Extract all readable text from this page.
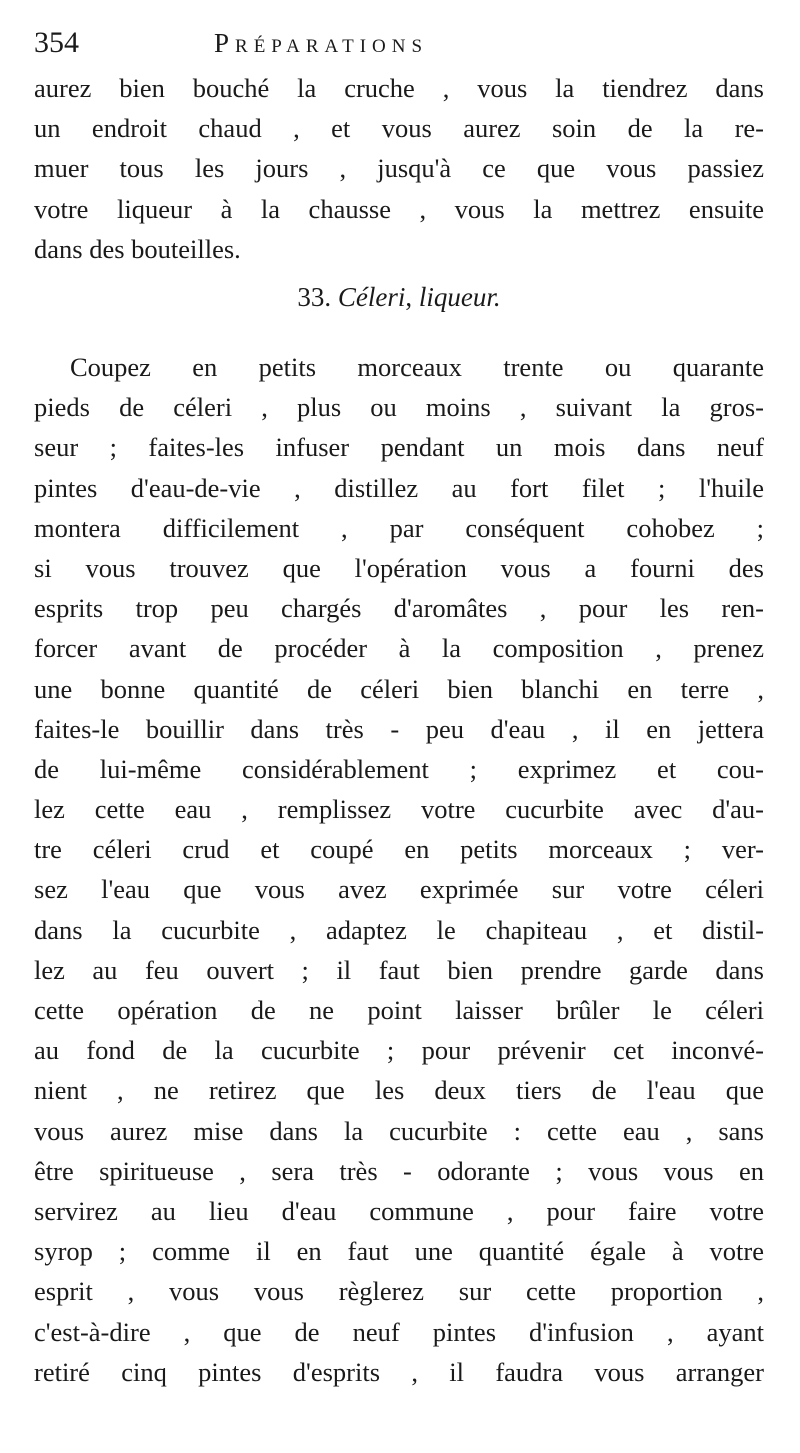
354	Préparations
aurez bien bouché la cruche , vous la tiendrez dans
un endroit chaud , et vous aurez soin de la re-
muer tous les jours , jusqu'à ce que vous passiez
votre liqueur à la chausse , vous la mettrez ensuite
dans des bouteilles.
33. Céleri, liqueur.
Coupez en petits morceaux trente ou quarante
pieds de céleri , plus ou moins , suivant la gros-
seur ; faites-les infuser pendant un mois dans neuf
pintes d'eau-de-vie , distillez au fort filet ; l'huile
montera difficilement , par conséquent cohobez ;
si vous trouvez que l'opération vous a fourni des
esprits trop peu chargés d'aromâtes , pour les ren-
forcer avant de procéder à la composition , prenez
une bonne quantité de céleri bien blanchi en terre ,
faites-le bouillir dans très - peu d'eau , il en jettera
de lui-même considérablement ; exprimez et cou-
lez cette eau , remplissez votre cucurbite avec d'au-
tre céleri crud et coupé en petits morceaux ; ver-
sez l'eau que vous avez exprimée sur votre céleri
dans la cucurbite , adaptez le chapiteau , et distil-
lez au feu ouvert ; il faut bien prendre garde dans
cette opération de ne point laisser brûler le céleri
au fond de la cucurbite ; pour prévenir cet inconvé-
nient , ne retirez que les deux tiers de l'eau que
vous aurez mise dans la cucurbite : cette eau , sans
être spiritueuse , sera très - odorante ; vous vous en
servirez au lieu d'eau commune , pour faire votre
syrop ; comme il en faut une quantité égale à votre
esprit , vous vous règlerez sur cette proportion ,
c'est-à-dire , que de neuf pintes d'infusion , ayant
retiré cinq pintes d'esprits , il faudra vous arranger
